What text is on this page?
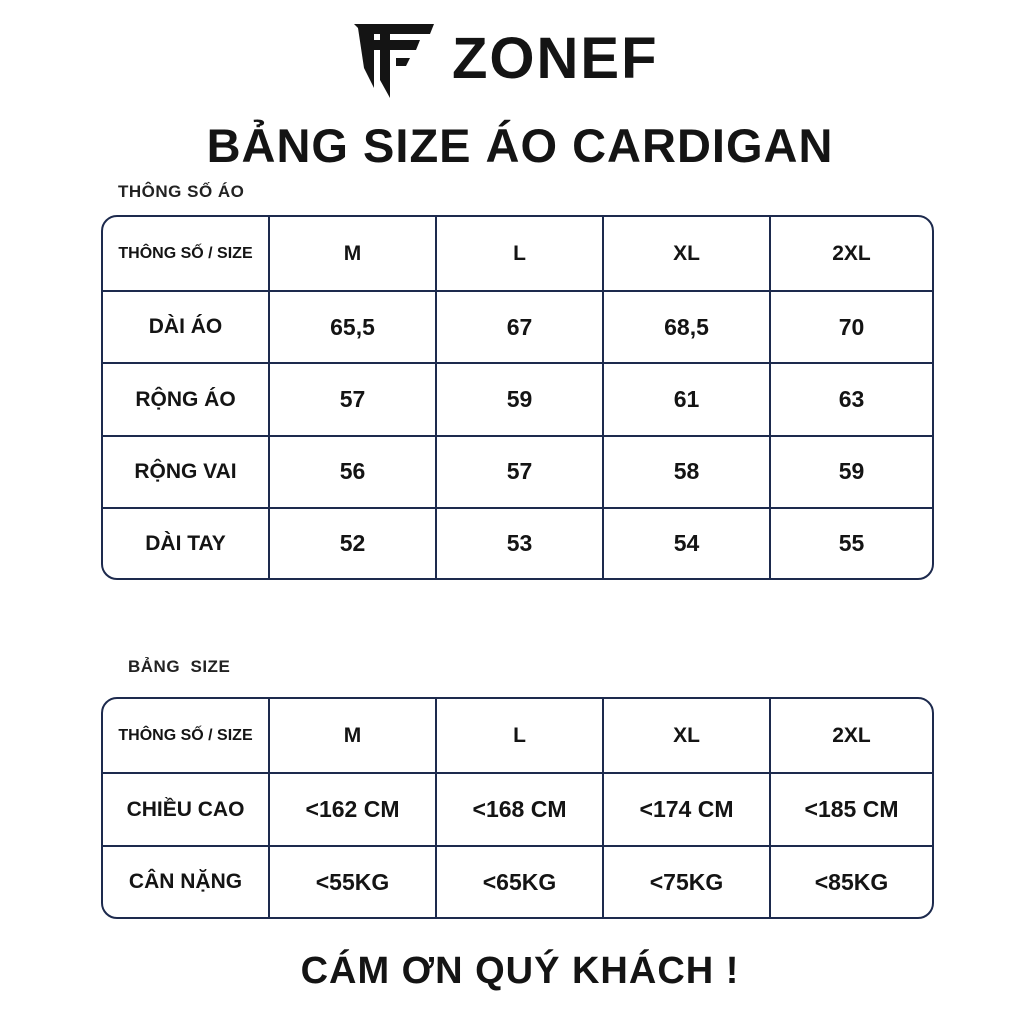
ZONEF
BẢNG SIZE ÁO CARDIGAN
THÔNG SỐ ÁO
THÔNG SỐ / SIZE	M	L	XL	2XL
DÀI ÁO	65,5	67	68,5	70
RỘNG ÁO	57	59	61	63
RỘNG VAI	56	57	58	59
DÀI TAY	52	53	54	55
BẢNG  SIZE
THÔNG SỐ / SIZE	M	L	XL	2XL
CHIỀU CAO	<162 CM	<168 CM	<174 CM	<185 CM
CÂN NẶNG	<55KG	<65KG	<75KG	<85KG
CÁM ƠN QUÝ KHÁCH !
